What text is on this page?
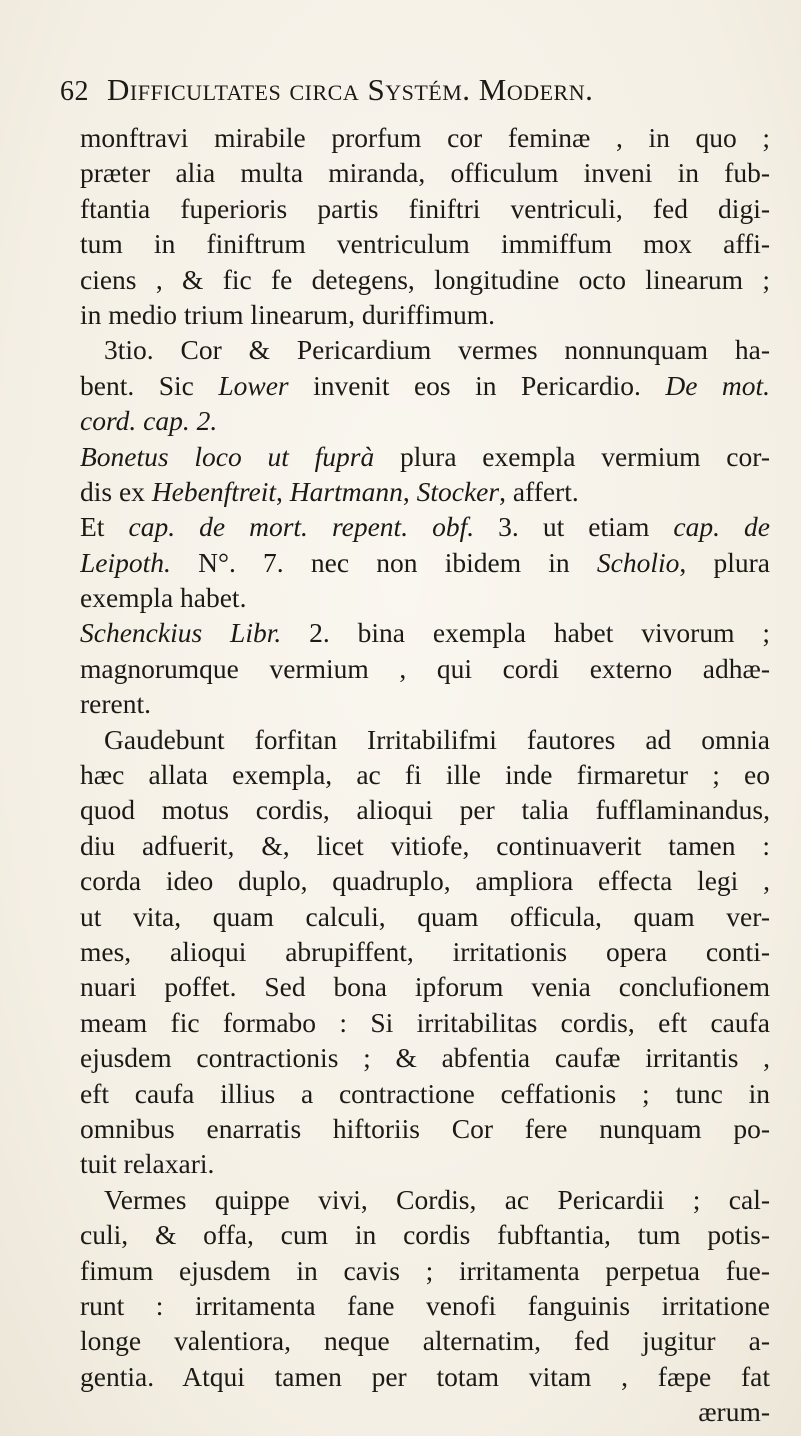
62 Difficultates circa Systém. Modern.
monftravi mirabile prorfum cor feminæ , in quo ;
præter alia multa miranda, officulum inveni in fub-
ftantia fuperioris partis finiftri ventriculi, fed digi-
tum in finiftrum ventriculum immiffum mox affi-
ciens , & fic fe detegens, longitudine octo linearum ;
in medio trium linearum, duriffimum.
3tio. Cor & Pericardium vermes nonnunquam ha-
bent. Sic Lower invenit eos in Pericardio. De mot.
cord. cap. 2.
Bonetus loco ut fuprà plura exempla vermium cor-
dis ex Hebenftreit, Hartmann, Stocker, affert.
Et cap. de mort. repent. obf. 3. ut etiam cap. de
Leipoth. N°. 7. nec non ibidem in Scholio, plura
exempla habet.
Schenckius Libr. 2. bina exempla habet vivorum ;
magnorumque vermium , qui cordi externo adhæ-
rerent.
Gaudebunt forfitan Irritabilifmi fautores ad omnia
hæc allata exempla, ac fi ille inde firmaretur ; eo
quod motus cordis, alioqui per talia fufflaminandus,
diu adfuerit, &, licet vitiofe, continuaverit tamen :
corda ideo duplo, quadruplo, ampliora effecta legi ,
ut vita, quam calculi, quam officula, quam ver-
mes, alioqui abrupiffent, irritationis opera conti-
nuari poffet. Sed bona ipforum venia conclufionem
meam fic formabo : Si irritabilitas cordis, eft caufa
ejusdem contractionis ; & abfentia caufæ irritantis ,
eft caufa illius a contractione ceffationis ; tunc in
omnibus enarratis hiftoriis Cor fere nunquam po-
tuit relaxari.
Vermes quippe vivi, Cordis, ac Pericardii ; cal-
culi, & offa, cum in cordis fubftantia, tum potis-
fimum ejusdem in cavis ; irritamenta perpetua fue-
runt : irritamenta fane venofi fanguinis irritatione
longe valentiora, neque alternatim, fed jugitur a-
gentia. Atqui tamen per totam vitam , fæpe fat
ærum-
